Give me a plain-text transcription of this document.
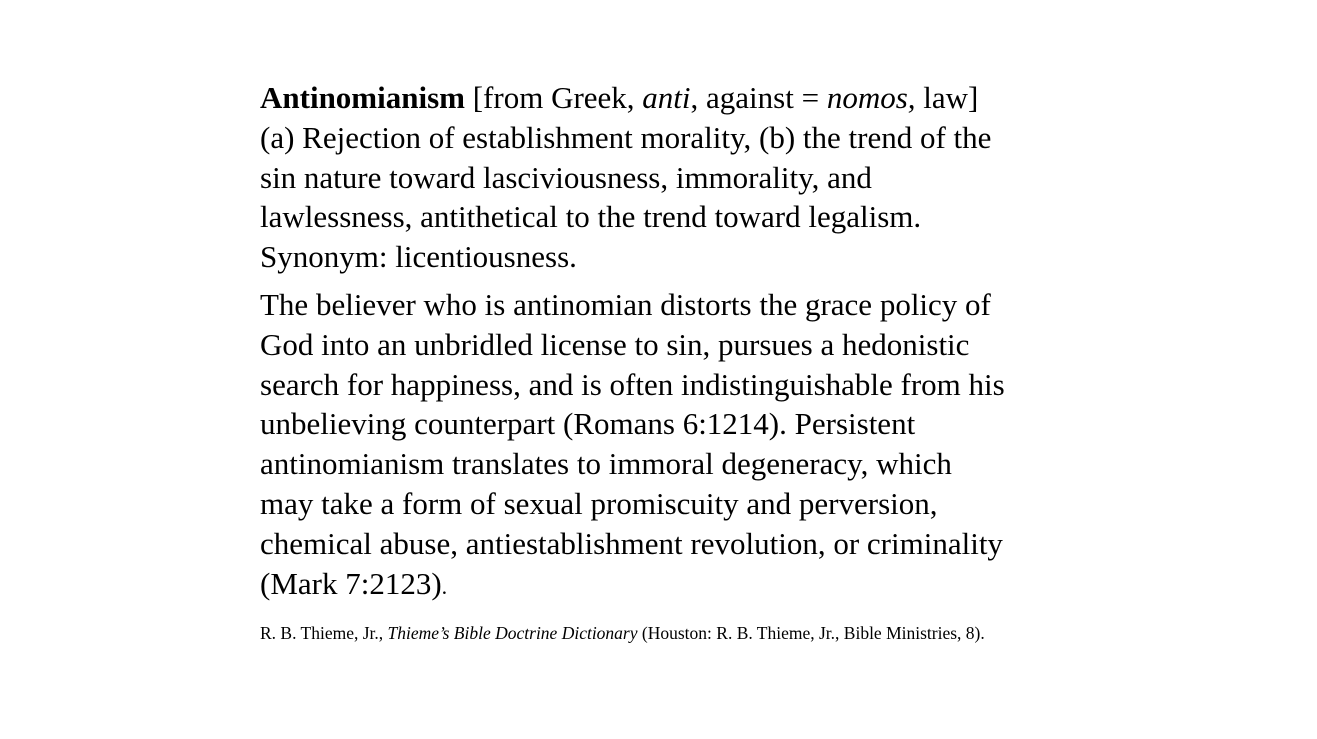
Antinomianism [from Greek, anti, against = nomos, law]
(a) Rejection of establishment morality, (b) the trend of the
sin nature toward lasciviousness, immorality, and
lawlessness, antithetical to the trend toward legalism.
Synonym: licentiousness.

The believer who is antinomian distorts the grace policy of
God into an unbridled license to sin, pursues a hedonistic
search for happiness, and is often indistinguishable from his
unbelieving counterpart (Romans 6:1214). Persistent
antinomianism translates to immoral degeneracy, which
may take a form of sexual promiscuity and perversion,
chemical abuse, antiestablishment revolution, or criminality
(Mark 7:2123).

R. B. Thieme, Jr., Thieme’s Bible Doctrine Dictionary (Houston: R. B. Thieme, Jr., Bible Ministries, 8).
